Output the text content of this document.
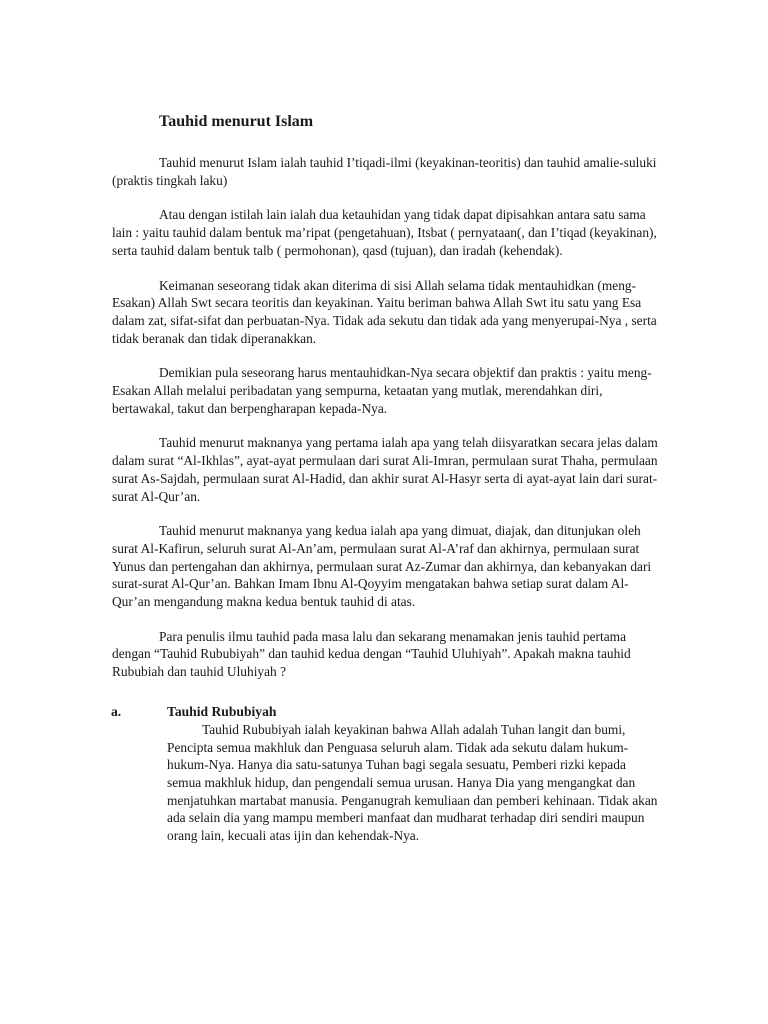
Tauhid menurut Islam

Tauhid menurut Islam ialah tauhid I’tiqadi-ilmi (keyakinan-teoritis) dan tauhid amalie-suluki (praktis tingkah laku)

Atau dengan istilah lain ialah dua ketauhidan yang tidak dapat dipisahkan antara satu sama lain : yaitu tauhid dalam bentuk ma’ripat (pengetahuan), Itsbat ( pernyataan(, dan I’tiqad (keyakinan), serta tauhid dalam bentuk talb ( permohonan), qasd (tujuan), dan iradah (kehendak).

Keimanan seseorang tidak akan diterima di sisi Allah selama tidak mentauhidkan (meng-Esakan) Allah Swt secara teoritis dan keyakinan. Yaitu beriman bahwa Allah Swt itu satu yang Esa dalam zat, sifat-sifat dan perbuatan-Nya. Tidak ada sekutu dan tidak ada yang menyerupai-Nya , serta tidak beranak dan tidak diperanakkan.

Demikian pula seseorang harus mentauhidkan-Nya secara objektif dan praktis : yaitu meng-Esakan Allah melalui peribadatan yang sempurna, ketaatan yang mutlak, merendahkan diri, bertawakal, takut dan berpengharapan kepada-Nya.

Tauhid menurut maknanya yang pertama ialah apa yang telah diisyaratkan secara jelas dalam dalam surat “Al-Ikhlas”, ayat-ayat permulaan dari surat Ali-Imran, permulaan surat Thaha, permulaan surat As-Sajdah, permulaan surat Al-Hadid, dan akhir surat Al-Hasyr serta di ayat-ayat lain dari surat-surat Al-Qur’an.

Tauhid menurut maknanya yang kedua ialah apa yang dimuat, diajak, dan ditunjukan oleh surat Al-Kafirun, seluruh surat Al-An’am, permulaan surat Al-A’raf dan akhirnya, permulaan surat Yunus dan pertengahan dan akhirnya, permulaan surat Az-Zumar dan akhirnya, dan kebanyakan dari surat-surat Al-Qur’an. Bahkan Imam Ibnu Al-Qoyyim mengatakan bahwa setiap surat dalam Al-Qur’an mengandung makna kedua bentuk tauhid di atas.

Para penulis ilmu tauhid pada masa lalu dan sekarang menamakan jenis tauhid pertama dengan “Tauhid Rububiyah” dan tauhid kedua dengan “Tauhid Uluhiyah”. Apakah makna tauhid Rububiah dan tauhid Uluhiyah ?

a.	Tauhid Rububiyah

Tauhid Rububiyah ialah keyakinan bahwa Allah adalah Tuhan langit dan bumi, Pencipta semua makhluk dan Penguasa seluruh alam. Tidak ada sekutu dalam hukum-hukum-Nya. Hanya dia satu-satunya Tuhan bagi segala sesuatu, Pemberi rizki kepada semua makhluk hidup, dan pengendali semua urusan. Hanya Dia yang mengangkat dan menjatuhkan martabat manusia. Penganugrah kemuliaan dan pemberi kehinaan. Tidak akan ada selain dia yang mampu memberi manfaat dan mudharat terhadap diri sendiri maupun orang lain, kecuali atas ijin dan kehendak-Nya.
